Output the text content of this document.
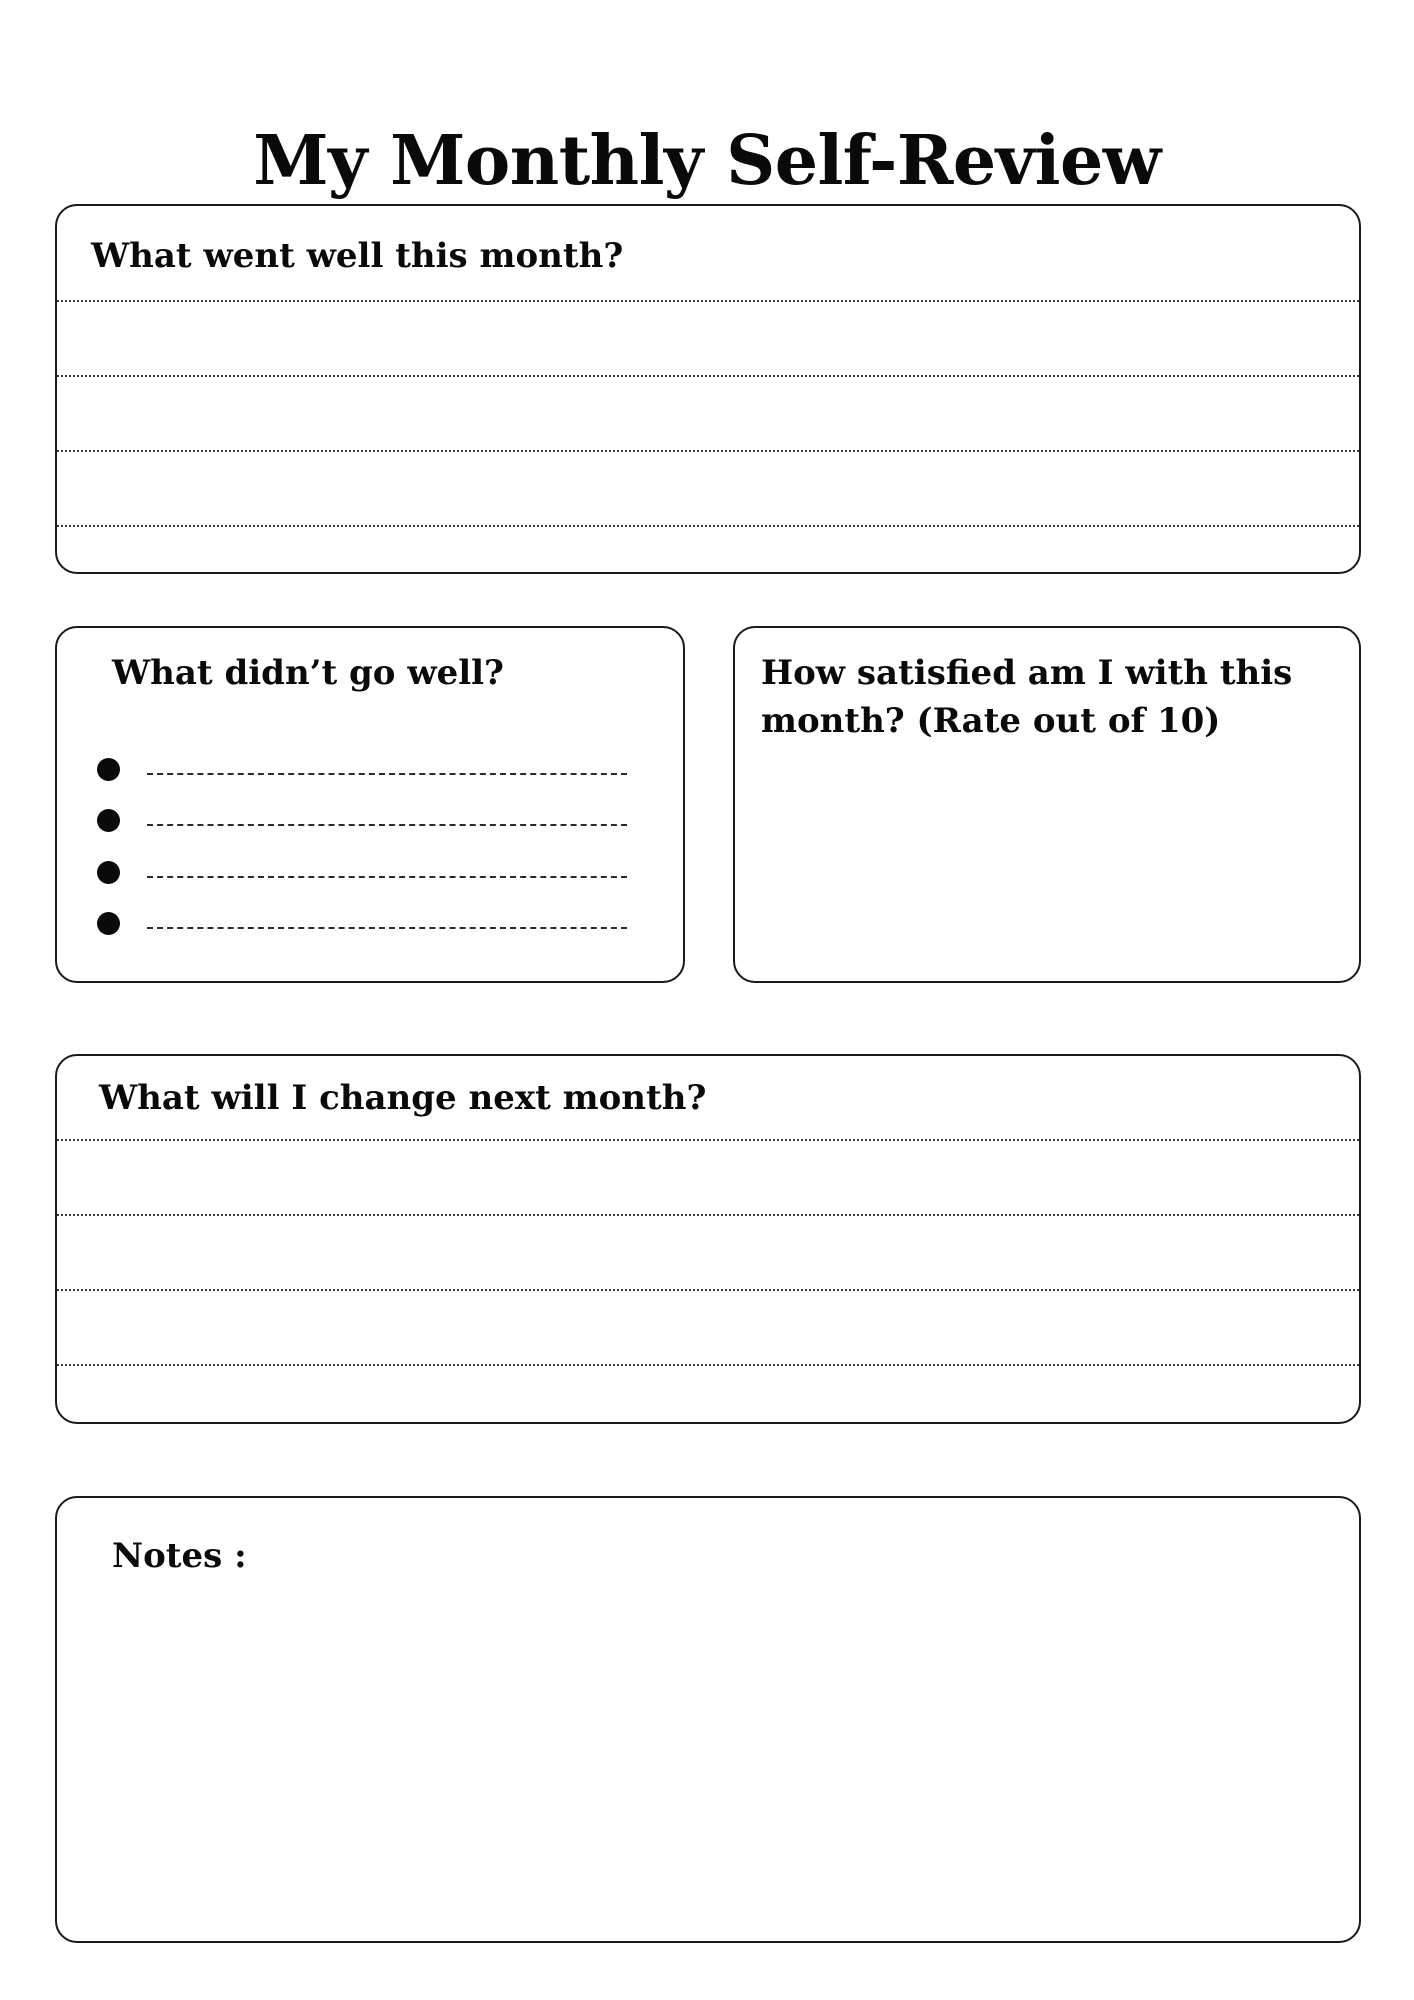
My Monthly Self-Review

What went well this month?

What didn’t go well?	How satisfied am I with this month? (Rate out of 10)

What will I change next month?

Notes :
